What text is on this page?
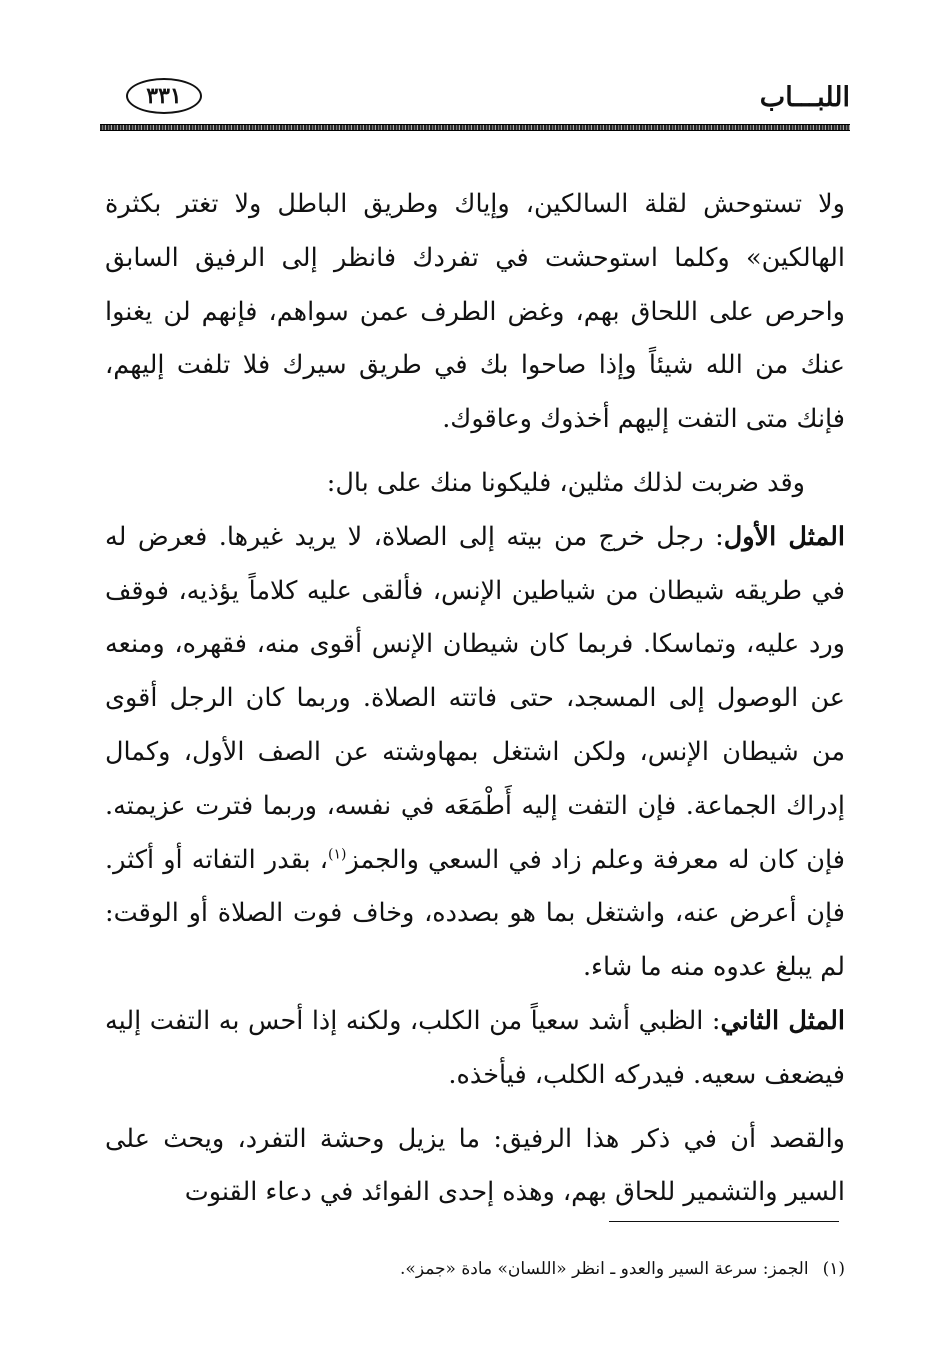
اللبـــاب
٣٣١

ولا تستوحش لقلة السالكين، وإياك وطريق الباطل ولا تغتر بكثرة الهالكين» وكلما استوحشت في تفردك فانظر إلى الرفيق السابق واحرص على اللحاق بهم، وغض الطرف عمن سواهم، فإنهم لن يغنوا عنك من الله شيئاً وإذا صاحوا بك في طريق سيرك فلا تلفت إليهم، فإنك متى التفت إليهم أخذوك وعاقوك.

وقد ضربت لذلك مثلين، فليكونا منك على بال:

المثل الأول: رجل خرج من بيته إلى الصلاة، لا يريد غيرها. فعرض له في طريقه شيطان من شياطين الإنس، فألقى عليه كلاماً يؤذيه، فوقف ورد عليه، وتماسكا. فربما كان شيطان الإنس أقوى منه، فقهره، ومنعه عن الوصول إلى المسجد، حتى فاتته الصلاة. وربما كان الرجل أقوى من شيطان الإنس، ولكن اشتغل بمهاوشته عن الصف الأول، وكمال إدراك الجماعة. فإن التفت إليه أَطْمَعَه في نفسه، وربما فترت عزيمته. فإن كان له معرفة وعلم زاد في السعي والجمز$^{(١)}$، بقدر التفاته أو أكثر. فإن أعرض عنه، واشتغل بما هو بصدده، وخاف فوت الصلاة أو الوقت: لم يبلغ عدوه منه ما شاء.

المثل الثاني: الظبي أشد سعياً من الكلب، ولكنه إذا أحس به التفت إليه فيضعف سعيه. فيدركه الكلب، فيأخذه.

والقصد أن في ذكر هذا الرفيق: ما يزيل وحشة التفرد، ويحث على السير والتشمير للحاق بهم، وهذه إحدى الفوائد في دعاء القنوت

(١)الجمز: سرعة السير والعدو ـ انظر «اللسان» مادة «جمز».
